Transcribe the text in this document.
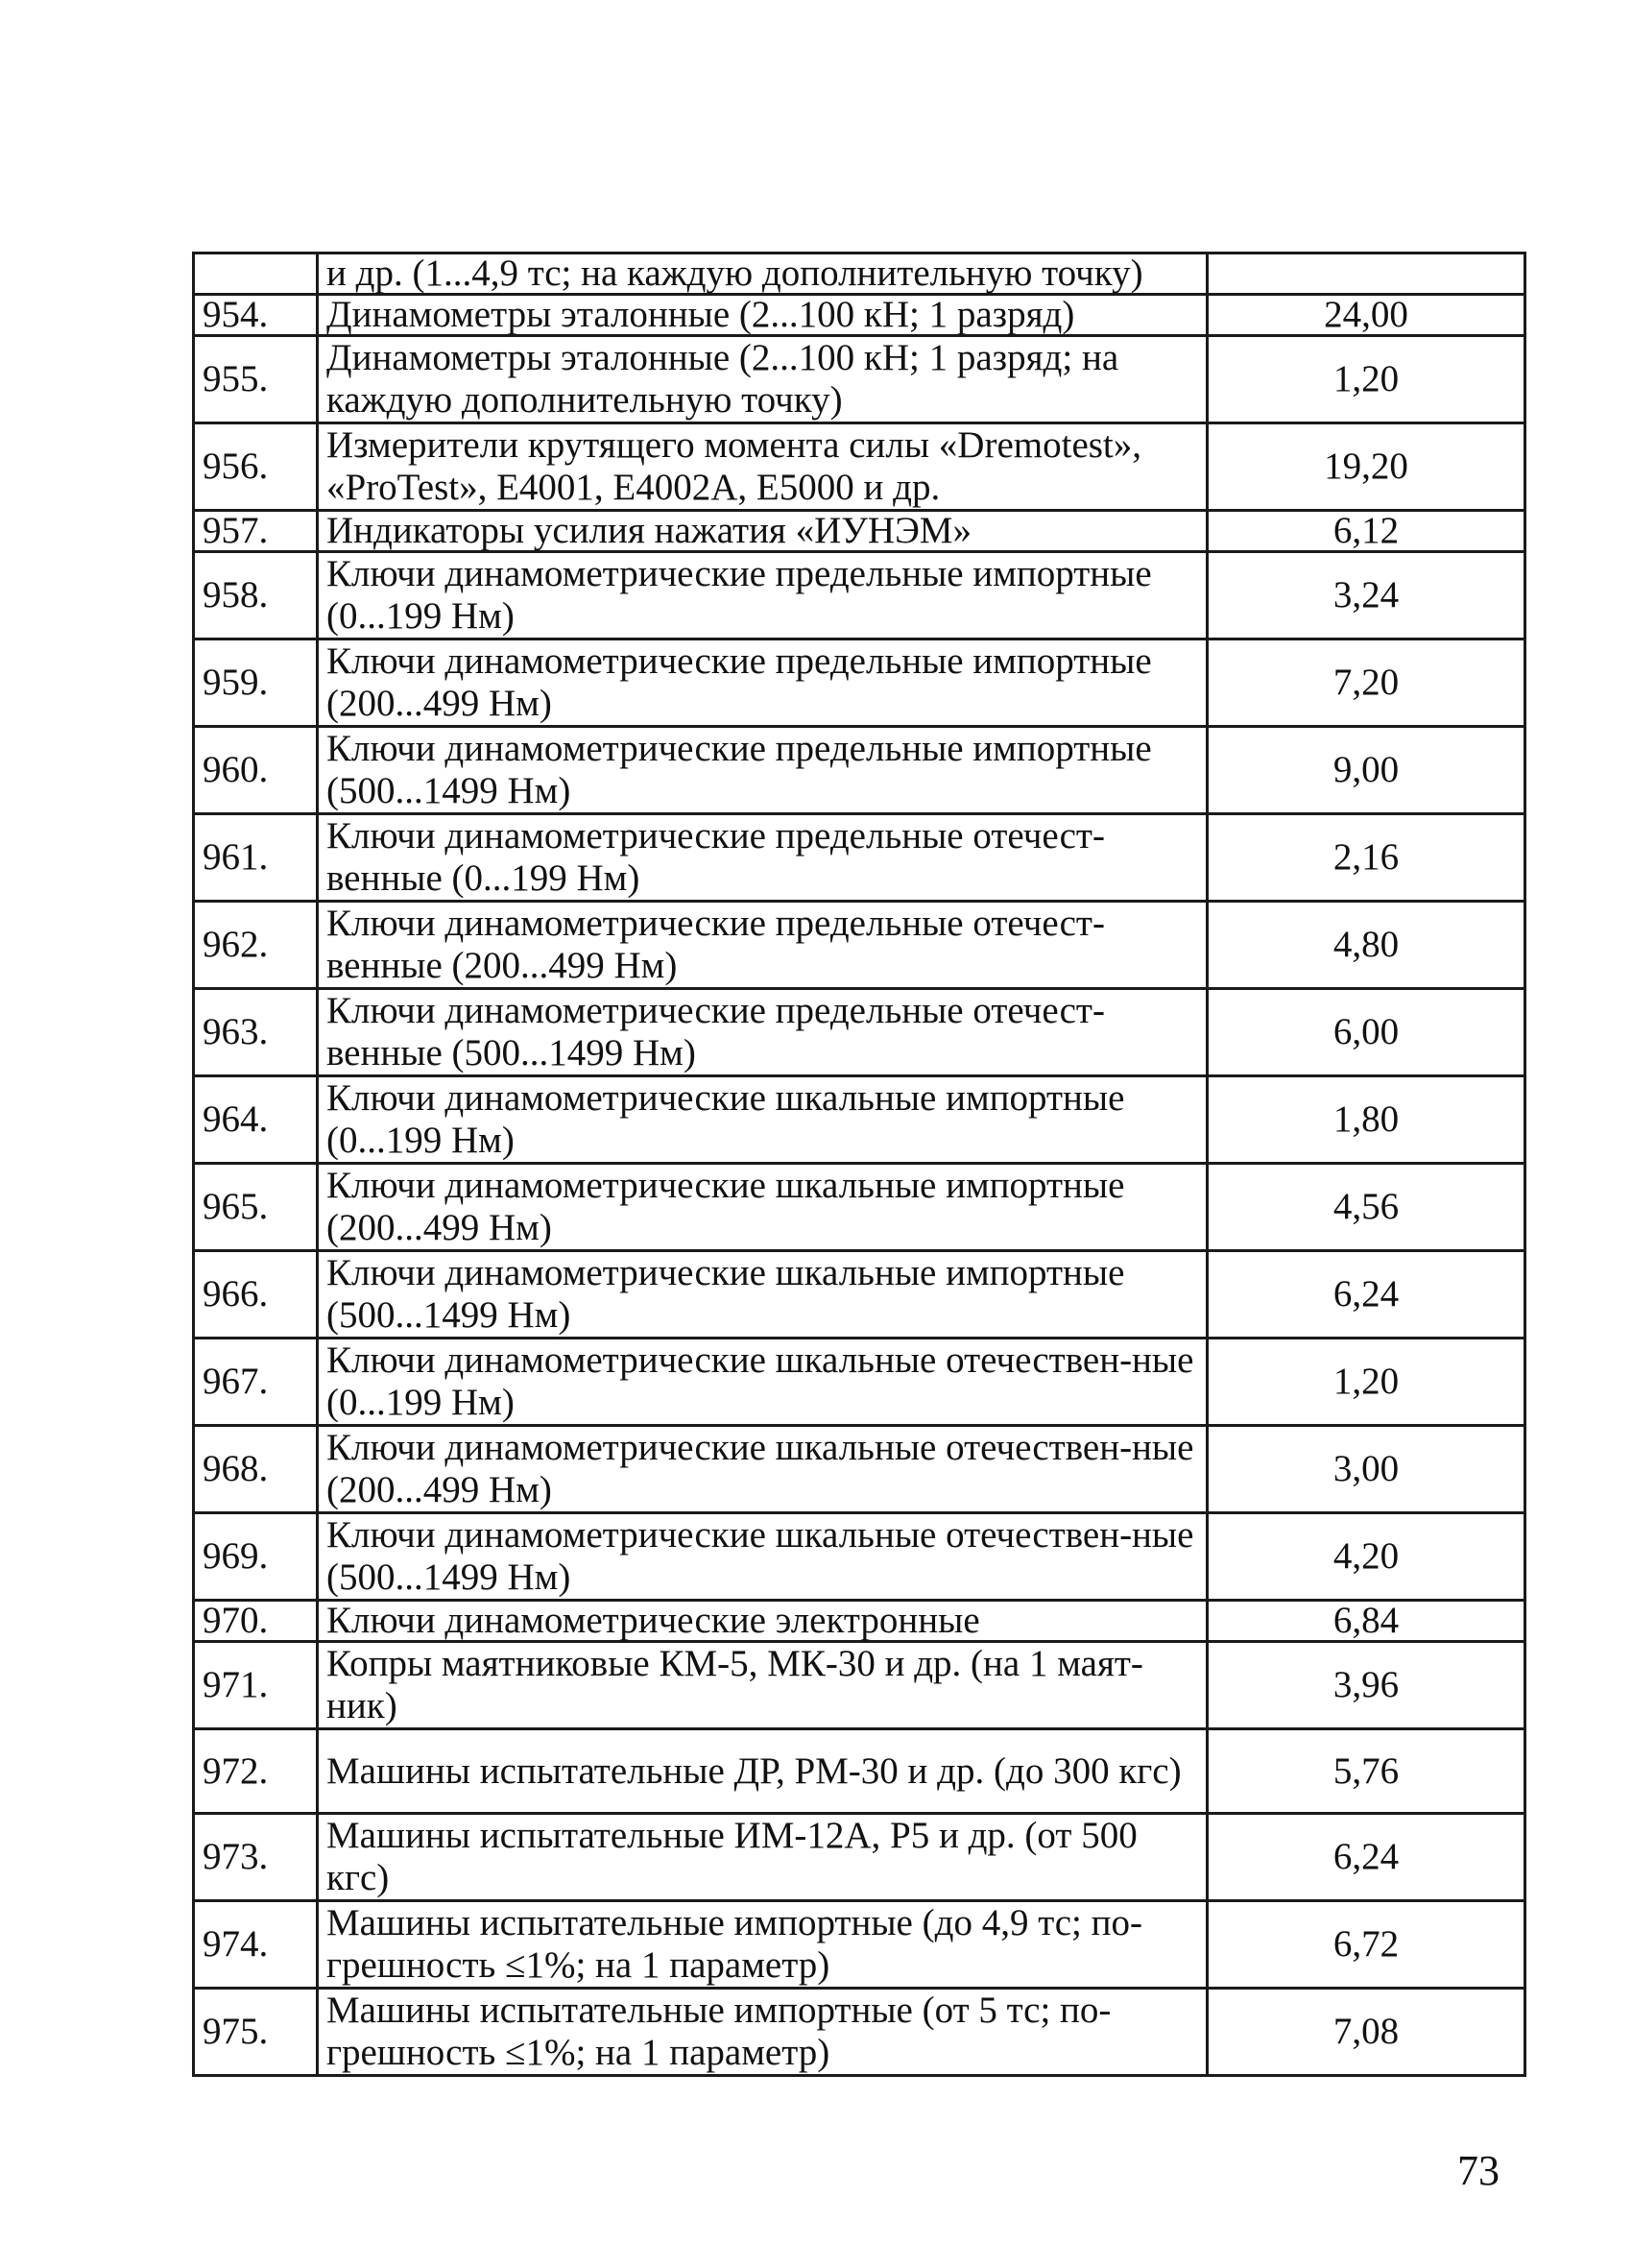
	и др. (1...4,9 тс; на каждую дополнительную точку)	
954.	Динамометры эталонные (2...100 кН; 1 разряд)	24,00
955.	Динамометры эталонные (2...100 кН; 1 разряд; на каждую дополнительную точку)	1,20
956.	Измерители крутящего момента силы «Dremotest», «ProTest», Е4001, Е4002А, Е5000 и др.	19,20
957.	Индикаторы усилия нажатия «ИУНЭМ»	6,12
958.	Ключи динамометрические предельные импортные (0...199 Нм)	3,24
959.	Ключи динамометрические предельные импортные (200...499 Нм)	7,20
960.	Ключи динамометрические предельные импортные (500...1499 Нм)	9,00
961.	Ключи динамометрические предельные отечест-венные (0...199 Нм)	2,16
962.	Ключи динамометрические предельные отечест-венные (200...499 Нм)	4,80
963.	Ключи динамометрические предельные отечест-венные (500...1499 Нм)	6,00
964.	Ключи динамометрические шкальные импортные (0...199 Нм)	1,80
965.	Ключи динамометрические шкальные импортные (200...499 Нм)	4,56
966.	Ключи динамометрические шкальные импортные (500...1499 Нм)	6,24
967.	Ключи динамометрические шкальные отечествен-ные (0...199 Нм)	1,20
968.	Ключи динамометрические шкальные отечествен-ные (200...499 Нм)	3,00
969.	Ключи динамометрические шкальные отечествен-ные (500...1499 Нм)	4,20
970.	Ключи динамометрические электронные	6,84
971.	Копры маятниковые КМ-5, МК-30 и др. (на 1 маят-ник)	3,96
972.	Машины испытательные ДР, РМ-30 и др. (до 300 кгс)	5,76
973.	Машины испытательные ИМ-12А, Р5 и др. (от 500 кгс)	6,24
974.	Машины испытательные импортные (до 4,9 тс; по-грешность ≤1%; на 1 параметр)	6,72
975.	Машины испытательные импортные (от 5 тс; по-грешность ≤1%; на 1 параметр)	7,08
73
